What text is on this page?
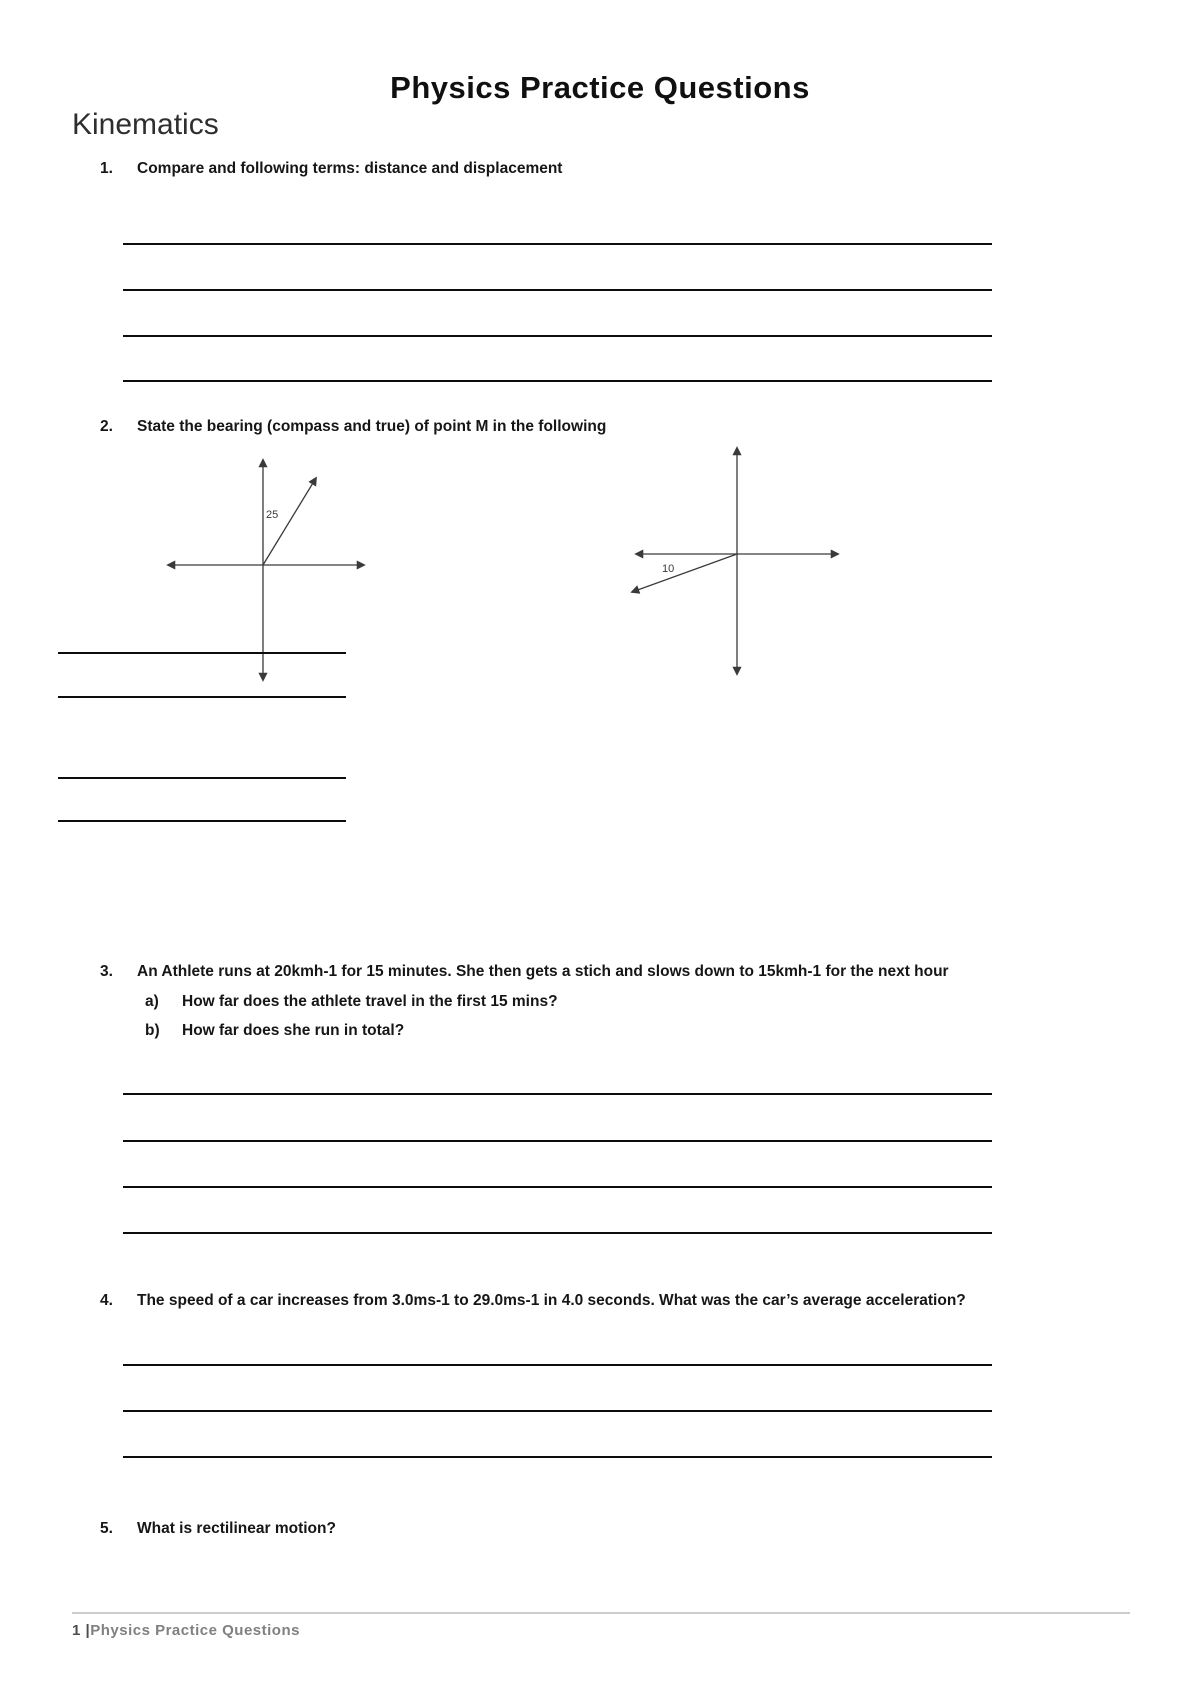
Physics Practice Questions
Kinematics
1. Compare and following terms: distance and displacement
2. State the bearing (compass and true) of point M in the following
25
10
3. An Athlete runs at 20kmh-1 for 15 minutes. She then gets a stich and slows down to 15kmh-1 for the next hour
a) How far does the athlete travel in the first 15 mins?
b) How far does she run in total?
4. The speed of a car increases from 3.0ms-1 to 29.0ms-1 in 4.0 seconds. What was the car’s average acceleration?
5. What is rectilinear motion?
1 |Physics Practice Questions
